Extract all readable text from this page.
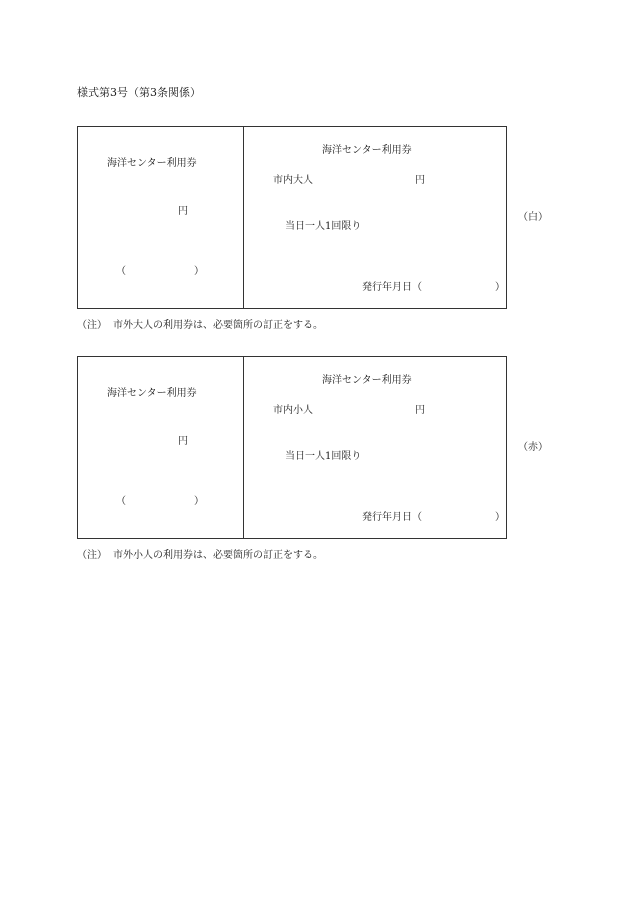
様式第3号（第3条関係）
海洋センター利用券
円
（	）
海洋センター利用券
市内大人	円
当日一人1回限り
発行年月日（	）
（白）
（注） 市外大人の利用券は、必要箇所の訂正をする。
海洋センター利用券
円
（	）
海洋センター利用券
市内小人	円
当日一人1回限り
発行年月日（	）
（赤）
（注） 市外小人の利用券は、必要箇所の訂正をする。
